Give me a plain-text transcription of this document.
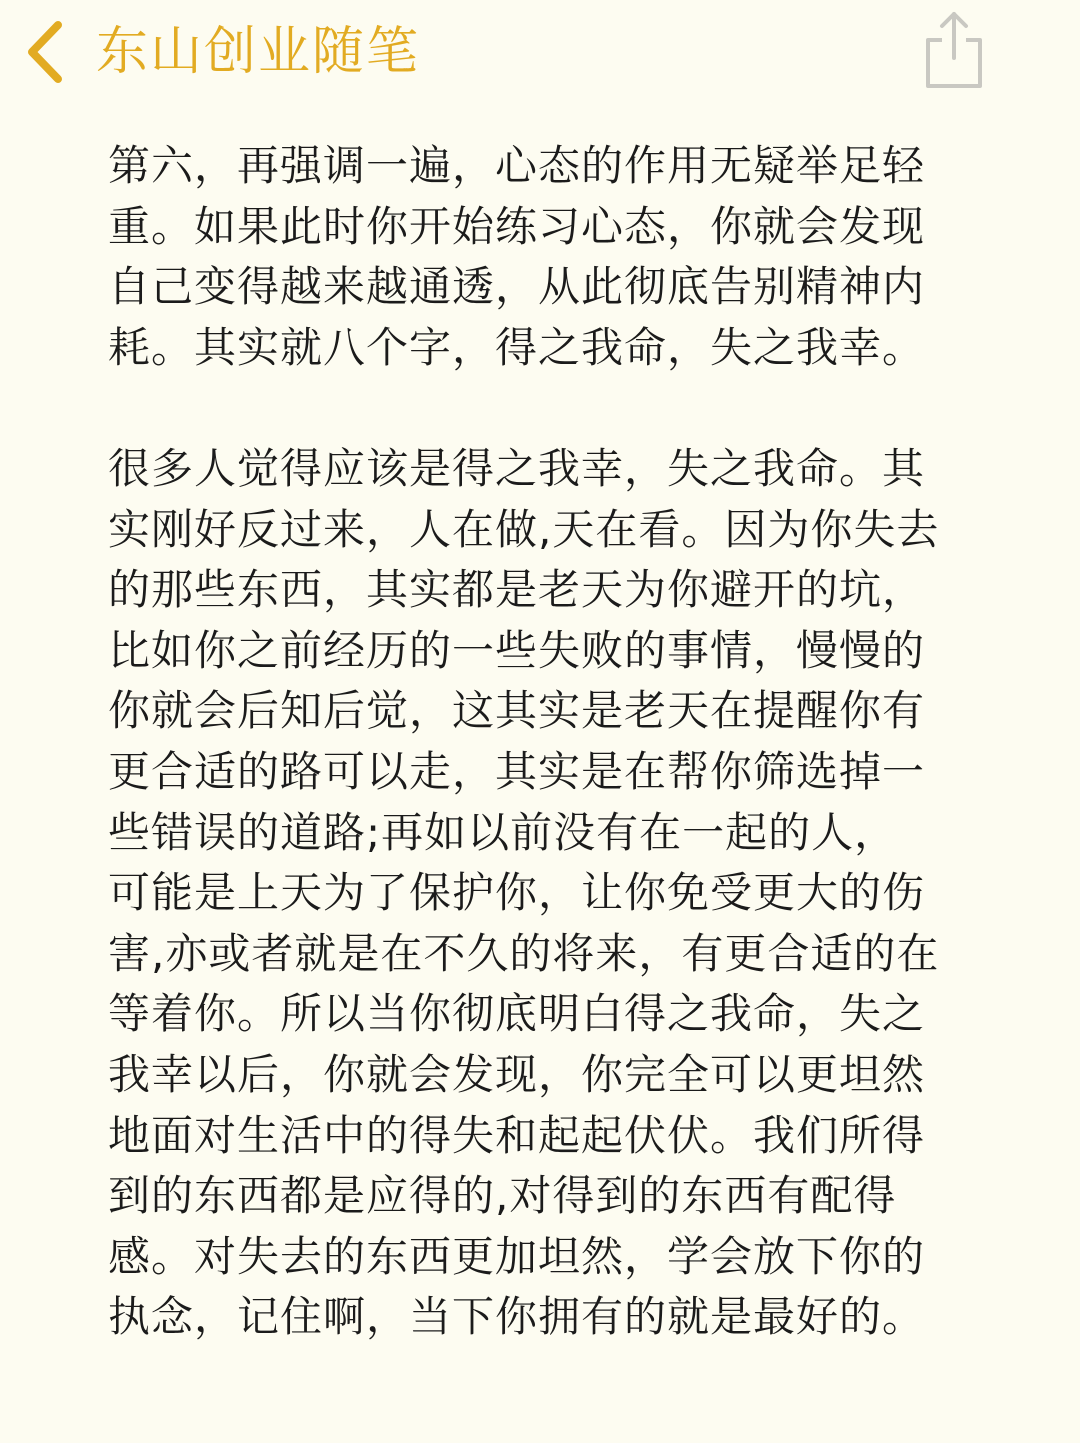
东山创业随笔

第六，再强调一遍，心态的作用无疑举足轻
重。如果此时你开始练习心态，你就会发现
自己变得越来越通透，从此彻底告别精神内
耗。其实就八个字，得之我命，失之我幸。

很多人觉得应该是得之我幸，失之我命。其
实刚好反过来，人在做,天在看。因为你失去
的那些东西，其实都是老天为你避开的坑，
比如你之前经历的一些失败的事情，慢慢的
你就会后知后觉，这其实是老天在提醒你有
更合适的路可以走，其实是在帮你筛选掉一
些错误的道路;再如以前没有在一起的人，
可能是上天为了保护你，让你免受更大的伤
害,亦或者就是在不久的将来，有更合适的在
等着你。所以当你彻底明白得之我命，失之
我幸以后，你就会发现，你完全可以更坦然
地面对生活中的得失和起起伏伏。我们所得
到的东西都是应得的,对得到的东西有配得
感。对失去的东西更加坦然，学会放下你的
执念，记住啊，当下你拥有的就是最好的。
